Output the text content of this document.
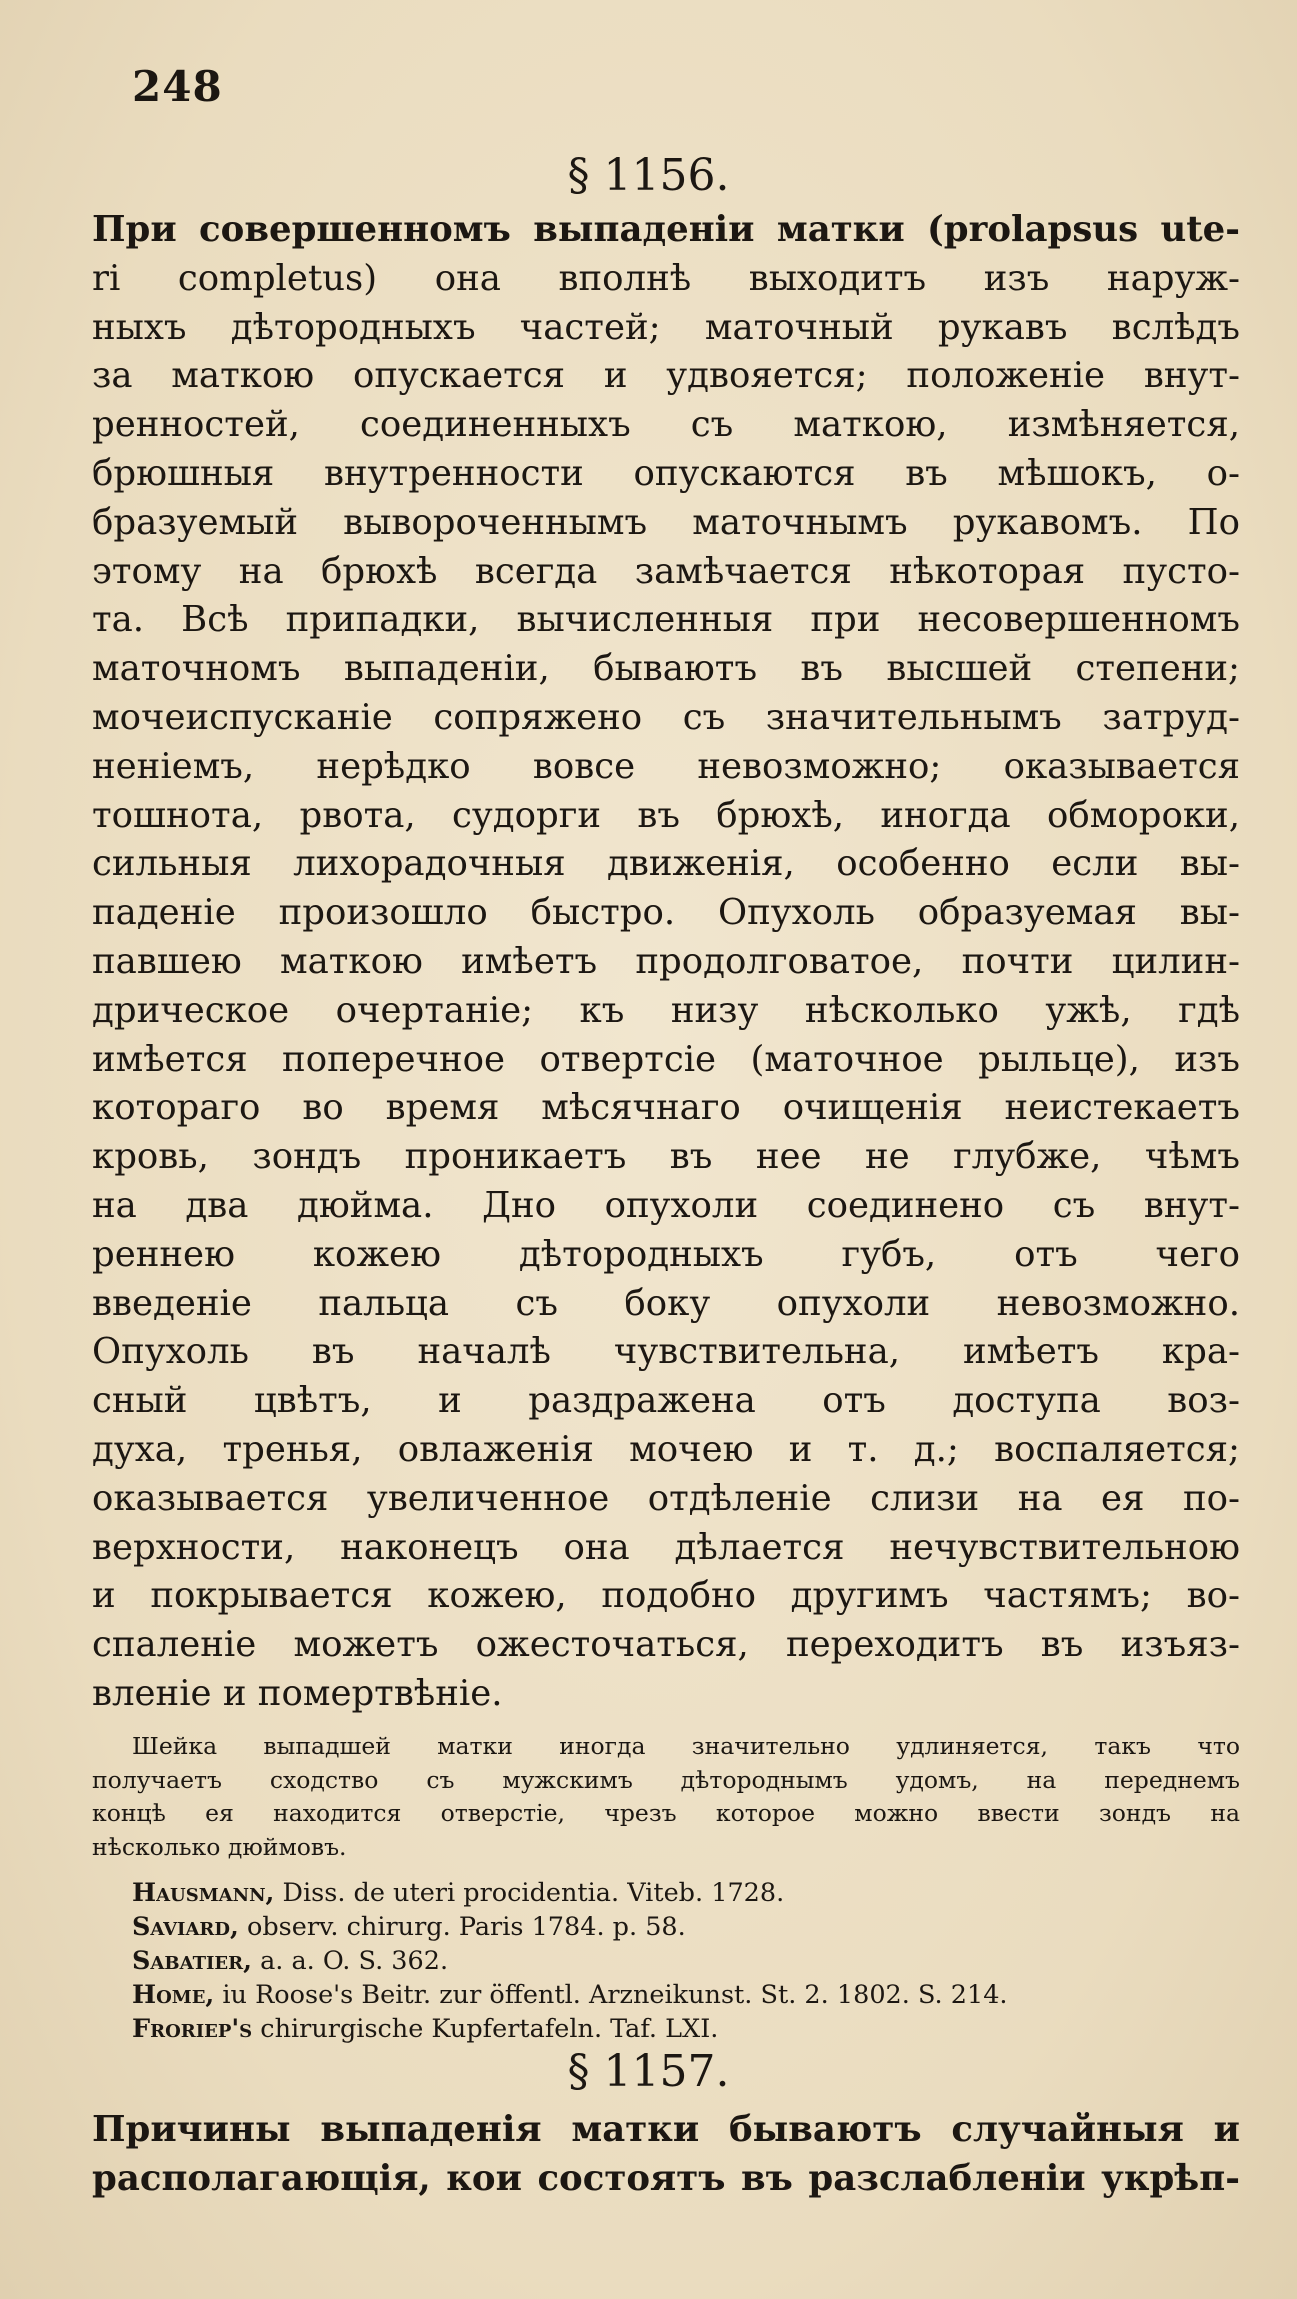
248
§ 1156.
При совершенномъ выпаденіи матки (prolapsus ute-
ri completus) она вполнѣ выходитъ изъ наруж-
ныхъ дѣтородныхъ частей; маточный рукавъ вслѣдъ
за маткою опускается и удвояется; положеніе внут-
ренностей, соединенныхъ съ маткою, измѣняется,
брюшныя внутренности опускаются въ мѣшокъ, о-
бразуемый вывороченнымъ маточнымъ рукавомъ. По
этому на брюхѣ всегда замѣчается нѣкоторая пусто-
та. Всѣ припадки, вычисленныя при несовершенномъ
маточномъ выпаденіи, бываютъ въ высшей степени;
мочеиспусканіе сопряжено съ значительнымъ затруд-
неніемъ, нерѣдко вовсе невозможно; оказывается
тошнота, рвота, судорги въ брюхѣ, иногда обмороки,
сильныя лихорадочныя движенія, особенно если вы-
паденіе произошло быстро. Опухоль образуемая вы-
павшею маткою имѣетъ продолговатое, почти цилин-
дрическое очертаніе; къ низу нѣсколько ужѣ, гдѣ
имѣется поперечное отвертсіе (маточное рыльце), изъ
котораго во время мѣсячнаго очищенія неистекаетъ
кровь, зондъ проникаетъ въ нее не глубже, чѣмъ
на два дюйма. Дно опухоли соединено съ внут-
реннею кожею дѣтородныхъ губъ, отъ чего
введеніе пальца съ боку опухоли невозможно.
Опухоль въ началѣ чувствительна, имѣетъ кра-
сный цвѣтъ, и раздражена отъ доступа воз-
духа, тренья, овлаженія мочею и т. д.; воспаляется;
оказывается увеличенное отдѣленіе слизи на ея по-
верхности, наконецъ она дѣлается нечувствительною
и покрывается кожею, подобно другимъ частямъ; во-
спаленіе можетъ ожесточаться, переходитъ въ изъяз-
вленіе и помертвѣніе.
Шейка выпадшей матки иногда значительно удлиняется, такъ что
получаетъ сходство съ мужскимъ дѣтороднымъ удомъ, на переднемъ
концѣ ея находится отверстіе, чрезъ которое можно ввести зондъ на
нѣсколько дюймовъ.
Hausmann, Diss. de uteri procidentia. Viteb. 1728.
Saviard, observ. chirurg. Paris 1784. p. 58.
Sabatier, a. a. O. S. 362.
Home, iu Roose's Beitr. zur öffentl. Arzneikunst. St. 2. 1802. S. 214.
Froriep's chirurgische Kupfertafeln. Taf. LXI.
§ 1157.
Причины выпаденія матки бываютъ случайныя и
располагающія, кои состоятъ въ разслабленіи укрѣп-
